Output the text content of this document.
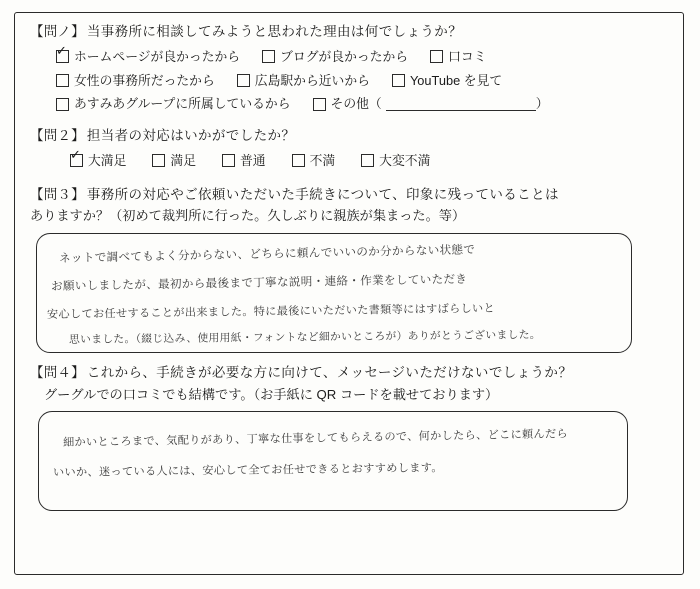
【問ノ】 当事務所に相談してみようと思われた理由は何でしょうか？
✓
ホームページが良かったから	ブログが良かったから	口コミ
女性の事務所だったから	広島駅から近いから	YouTube を見て
あすみあグループに所属しているから	その他（	）
【問２】 担当者の対応はいかがでしたか？
✓
大満足	満足	普通	不満	大変不満
【問３】 事務所の対応やご依頼いただいた手続きについて、印象に残っていることは
ありますか？（初めて裁判所に行った。久しぶりに親族が集まった。等）
ネットで調べてもよく分からない、どちらに頼んでいいのか分からない状態で
お願いしましたが、最初から最後まで丁寧な説明・連絡・作業をしていただき
安心してお任せすることが出来ました。特に最後にいただいた書類等にはすばらしいと
思いました。（綴じ込み、使用用紙・フォントなど細かいところが）ありがとうございました。
【問４】 これから、手続きが必要な方に向けて、メッセージいただけないでしょうか？
グーグルでの口コミでも結構です。（お手紙に QR コードを載せております）
細かいところまで、気配りがあり、丁寧な仕事をしてもらえるので、何かしたら、どこに頼んだら
いいか、迷っている人には、安心して全てお任せできるとおすすめします。
